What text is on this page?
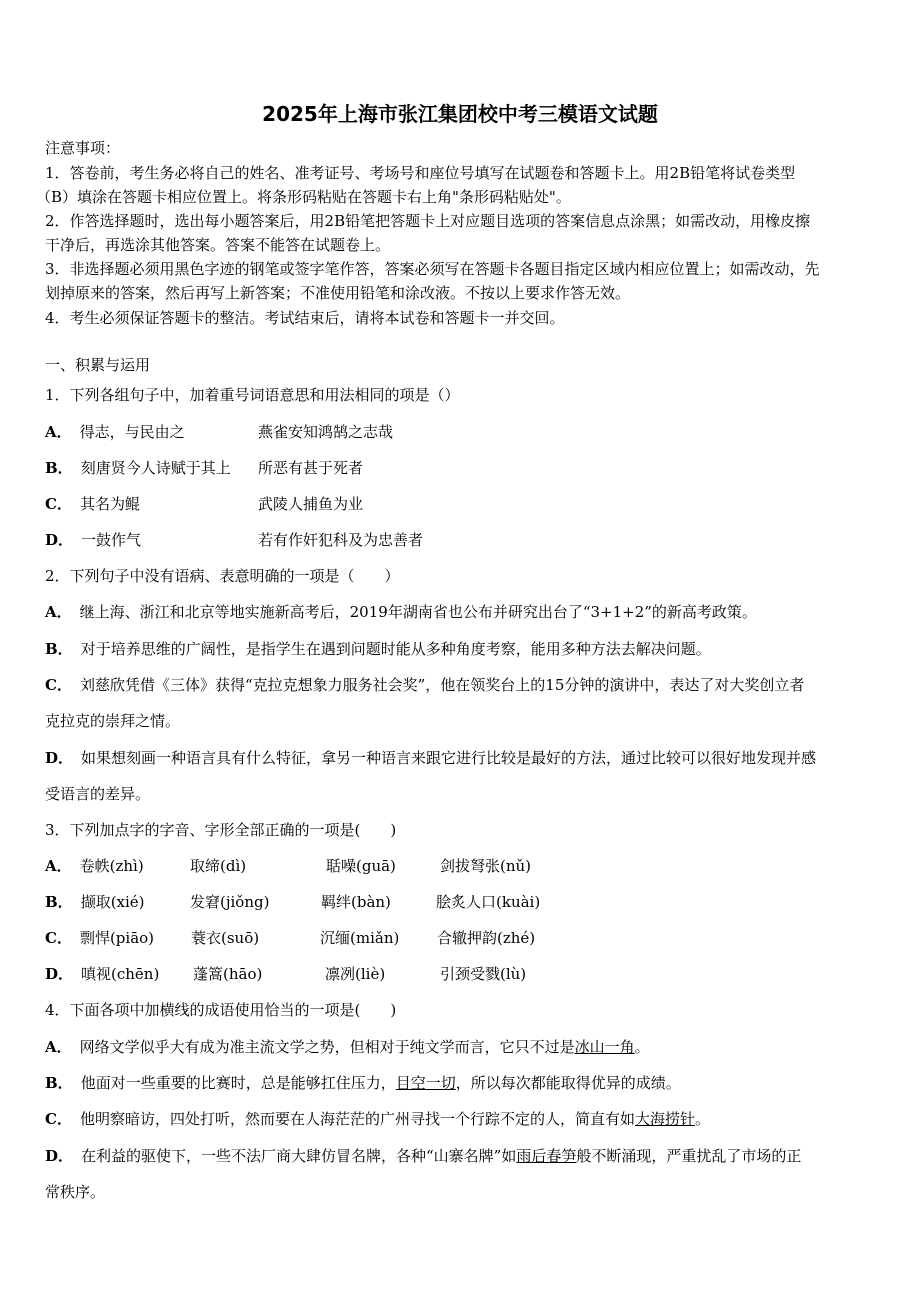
2025年上海市张江集团校中考三模语文试题
注意事项：
1．答卷前，考生务必将自己的姓名、准考证号、考场号和座位号填写在试题卷和答题卡上。用2B铅笔将试卷类型
（B）填涂在答题卡相应位置上。将条形码粘贴在答题卡右上角"条形码粘贴处"。
2．作答选择题时，选出每小题答案后，用2B铅笔把答题卡上对应题目选项的答案信息点涂黑；如需改动，用橡皮擦
干净后，再选涂其他答案。答案不能答在试题卷上。
3．非选择题必须用黑色字迹的钢笔或签字笔作答，答案必须写在答题卡各题目指定区域内相应位置上；如需改动，先
划掉原来的答案，然后再写上新答案；不准使用铅笔和涂改液。不按以上要求作答无效。
4．考生必须保证答题卡的整洁。考试结束后，请将本试卷和答题卡一并交回。
一、积累与运用
1．下列各组句子中，加着重号词语意思和用法相同的项是（）
A． 得志，与民由之	燕雀安知鸿鹄之志哉
B． 刻唐贤今人诗赋于其上 所恶有甚于死者
C． 其名为鲲	武陵人捕鱼为业
D． 一鼓作气	若有作奸犯科及为忠善者
2．下列句子中没有语病、表意明确的一项是（　　）
A． 继上海、浙江和北京等地实施新高考后，2019年湖南省也公布并研究出台了“3+1+2”的新高考政策。
B． 对于培养思维的广阔性，是指学生在遇到问题时能从多种角度考察，能用多种方法去解决问题。
C． 刘慈欣凭借《三体》获得“克拉克想象力服务社会奖”，他在领奖台上的15分钟的演讲中，表达了对大奖创立者
克拉克的崇拜之情。
D． 如果想刻画一种语言具有什么特征，拿另一种语言来跟它进行比较是最好的方法，通过比较可以很好地发现并感
受语言的差异。
3．下列加点字的字音、字形全部正确的一项是(　　)
A． 卷帙(zhì)	取缔(dì)	聒噪(guā)	剑拔弩张(nǔ)
B． 撷取(xié)	发窘(jiǒng)	羁绊(bàn)	脍炙人口(kuài)
C． 剽悍(piāo) 蓑衣(suō)	沉缅(miǎn)	合辙押韵(zhé)
D． 嗔视(chēn) 蓬篙(hāo)	凛冽(liè)	引颈受戮(lù)
4．下面各项中加横线的成语使用恰当的一项是(　　)
A． 网络文学似乎大有成为准主流文学之势，但相对于纯文学而言，它只不过是冰山一角。
B． 他面对一些重要的比赛时，总是能够扛住压力，目空一切，所以每次都能取得优异的成绩。
C． 他明察暗访，四处打听，然而要在人海茫茫的广州寻找一个行踪不定的人，简直有如大海捞针。
D． 在利益的驱使下，一些不法厂商大肆仿冒名牌，各种“山寨名牌”如雨后春笋般不断涌现，严重扰乱了市场的正
常秩序。
